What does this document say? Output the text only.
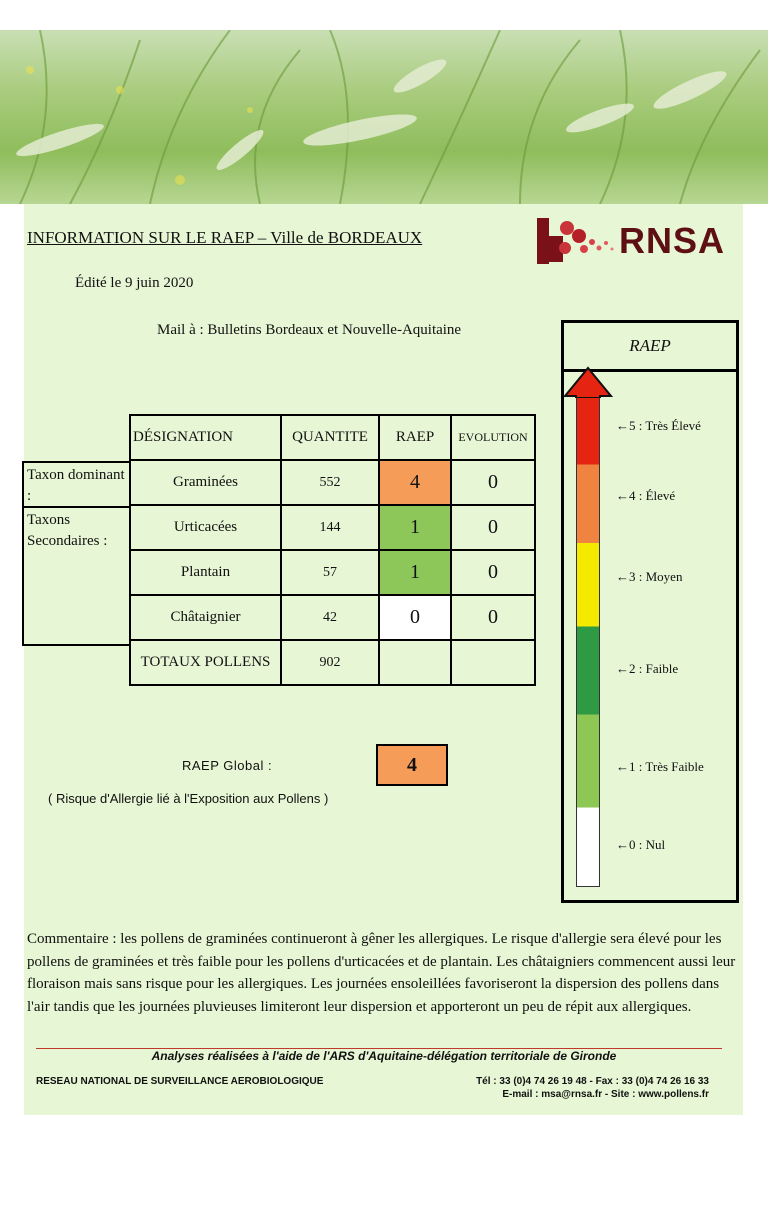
INFORMATION SUR LE RAEP – Ville de BORDEAUX
Édité le 9 juin 2020
Mail à : Bulletins Bordeaux et Nouvelle-Aquitaine
RNSA
Taxon dominant :
Taxons Secondaires :
DÉSIGNATION	QUANTITE	RAEP	EVOLUTION
Graminées	552	4	0
Urticacées	144	1	0
Plantain	57	1	0
Châtaignier	42	0	0
TOTAUX POLLENS	902		
RAEP Global :	4
( Risque d'Allergie lié à l'Exposition aux Pollens )
RAEP
←5 : Très Élevé
←4 : Élevé
←3 : Moyen
←2 : Faible
←1 : Très Faible
←0 : Nul
Commentaire : les pollens de graminées continueront à gêner les allergiques. Le risque d'allergie sera élevé pour les pollens de graminées et très faible pour les pollens d'urticacées et de plantain. Les châtaigniers commencent aussi leur floraison mais sans risque pour les allergiques. Les journées ensoleillées favoriseront la dispersion des pollens dans l'air tandis que les journées pluvieuses limiteront leur dispersion et apporteront un peu de répit aux allergiques.
Analyses réalisées à l'aide de l'ARS d'Aquitaine-délégation territoriale de Gironde
RESEAU NATIONAL DE SURVEILLANCE AEROBIOLOGIQUE	Tél : 33 (0)4 74 26 19 48 - Fax : 33 (0)4 74 26 16 33
E-mail : msa@rnsa.fr - Site : www.pollens.fr
